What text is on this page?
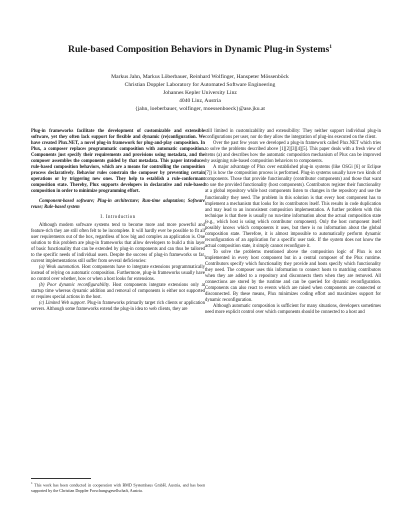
Rule-based Composition Behaviors in Dynamic Plug-in Systems$^1$
Markus Jahn, Markus Löberbauer, Reinhard Wolfinger, Hanspeter Mössenböck
Christian Doppler Laboratory for Automated Software Engineering
Johannes Kepler University Linz
4040 Linz, Austria
{jahn, loeberbauer, wolfinger, moessenboeck}@ase.jku.at

Plug-in frameworks facilitate the development of customizable and extensible software, yet they often lack support for flexible and dynamic (re)configuration. We have created Plux.NET, a novel plug-in framework for plug-and-play composition. In Plux, a composer replaces programmatic composition with automatic composition. Components just specify their requirements and provisions using metadata, and the composer assembles the components guided by that metadata. This paper introduces rule-based composition behaviors, which are a means for controlling the composition process declaratively. Behavior rules constrain the composer by preventing certain operations or by triggering new ones. They help to establish a rule-conformant composition state. Thereby, Plux supports developers in declarative and rule-based composition in order to minimize programming effort.

Component-based software; Plug-in architecture; Run-time adaptation; Software reuse; Rule-based system

I. Introduction

Although modern software systems tend to become more and more powerful and feature-rich they are still often felt to be incomplete. It will hardly ever be possible to fit all user requirements out of the box, regardless of how big and complex an application is. One solution to this problem are plug-in frameworks that allow developers to build a thin layer of basic functionality that can be extended by plug-in components and can thus be tailored to the specific needs of individual users. Despite the success of plug-in frameworks so far, current implementations still suffer from several deficiencies:

(a) Weak automation. Host components have to integrate extensions programmatically instead of relying on automatic composition. Furthermore, plug-in frameworks usually have no control over whether, how or when a host looks for extensions.

(b) Poor dynamic reconfigurability. Host components integrate extensions only at startup time whereas dynamic addition and removal of components is either not supported or requires special actions in the host.

(c) Limited Web support. Plug-in frameworks primarily target rich clients or application servers. Although some frameworks extend the plug-in idea to web clients, they are

still limited in customizability and extensibility: They neither support individual plug-in configurations per user, nor do they allow the integration of plug-ins executed on the client.

Over the past few years we developed a plug-in framework called Plux.NET which tries to solve the problems described above [1][2][3][4][5]. This paper deals with a fresh view of items (a) and describes how the automatic composition mechanism of Plux can be improved by assigning rule-based composition behaviors to components.

A major advantage of Plux over established plug-in systems (like OSGi [6] or Eclipse [7]) is how the composition process is performed. Plug-in systems usually have two kinds of components. Those that provide functionality (contributor components) and those that want to use the provided functionality (host components). Contributors register their functionality at a global repository while host components listen to changes in the repository and use the functionality they need. The problem in this solution is that every host component has to implement a mechanism that looks for its contributors itself. This results in code duplication and may lead to an inconsistent composition implementation. A further problem with this technique is that there is usually no run-time information about the actual composition state (e.g., which host is using which contributor component). Only the host component itself possibly knows which components it uses, but there is no information about the global composition state. Therefore, it is almost impossible to automatically perform dynamic reconfiguration of an application for a specific user task. If the system does not know the actual composition state, it simply cannot reconfigure it.

To solve the problems mentioned above the composition logic of Plux is not implemented in every host component but in a central composer of the Plux runtime. Contributors specify which functionality they provide and hosts specify which functionality they need. The composer uses this information to connect hosts to matching contributors when they are added to a repository and disconnects them when they are removed. All connections are stored by the runtime and can be queried for dynamic reconfiguration. Components can also react to events which are raised when components are connected or disconnected. By these means, Plux minimizes coding effort and maximizes support for dynamic reconfiguration.

Although automatic composition is sufficient for many situations, developers sometimes need more explicit control over which components should be connected to a host and

$^1$ This work has been conducted in cooperation with BMD Systemhaus GmbH, Austria, and has been supported by the Christian Doppler Forschungsgesellschaft, Austria.
